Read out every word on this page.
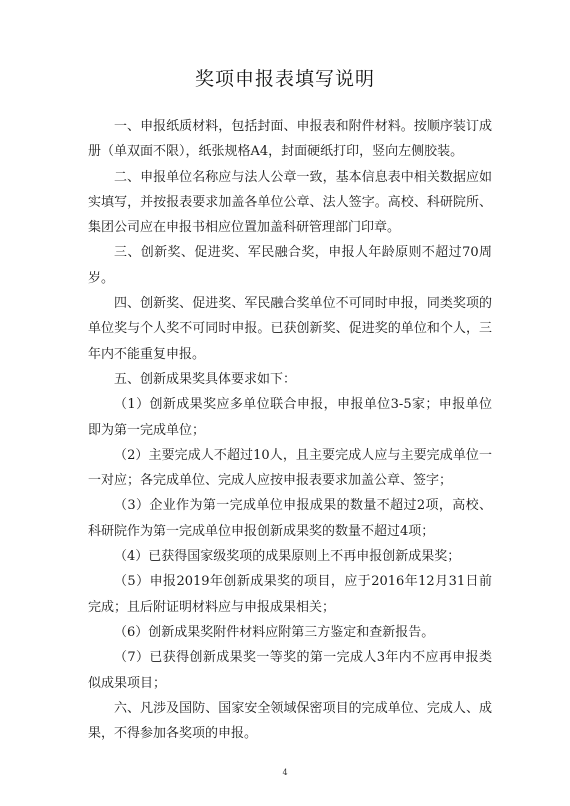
奖项申报表填写说明

一、申报纸质材料，包括封面、申报表和附件材料。按顺序装订成册（单双面不限），纸张规格A4，封面硬纸打印，竖向左侧胶装。

二、申报单位名称应与法人公章一致，基本信息表中相关数据应如实填写，并按报表要求加盖各单位公章、法人签字。高校、科研院所、集团公司应在申报书相应位置加盖科研管理部门印章。

三、创新奖、促进奖、军民融合奖，申报人年龄原则不超过70周岁。

四、创新奖、促进奖、军民融合奖单位不可同时申报，同类奖项的单位奖与个人奖不可同时申报。已获创新奖、促进奖的单位和个人，三年内不能重复申报。

五、创新成果奖具体要求如下：

（1）创新成果奖应多单位联合申报，申报单位3-5家；申报单位即为第一完成单位；

（2）主要完成人不超过10人，且主要完成人应与主要完成单位一一对应；各完成单位、完成人应按申报表要求加盖公章、签字；

（3）企业作为第一完成单位申报成果的数量不超过2项，高校、科研院作为第一完成单位申报创新成果奖的数量不超过4项；

（4）已获得国家级奖项的成果原则上不再申报创新成果奖；

（5）申报2019年创新成果奖的项目，应于2016年12月31日前完成；且后附证明材料应与申报成果相关；

（6）创新成果奖附件材料应附第三方鉴定和查新报告。

（7）已获得创新成果奖一等奖的第一完成人3年内不应再申报类似成果项目；

六、凡涉及国防、国家安全领域保密项目的完成单位、完成人、成果，不得参加各奖项的申报。

4
